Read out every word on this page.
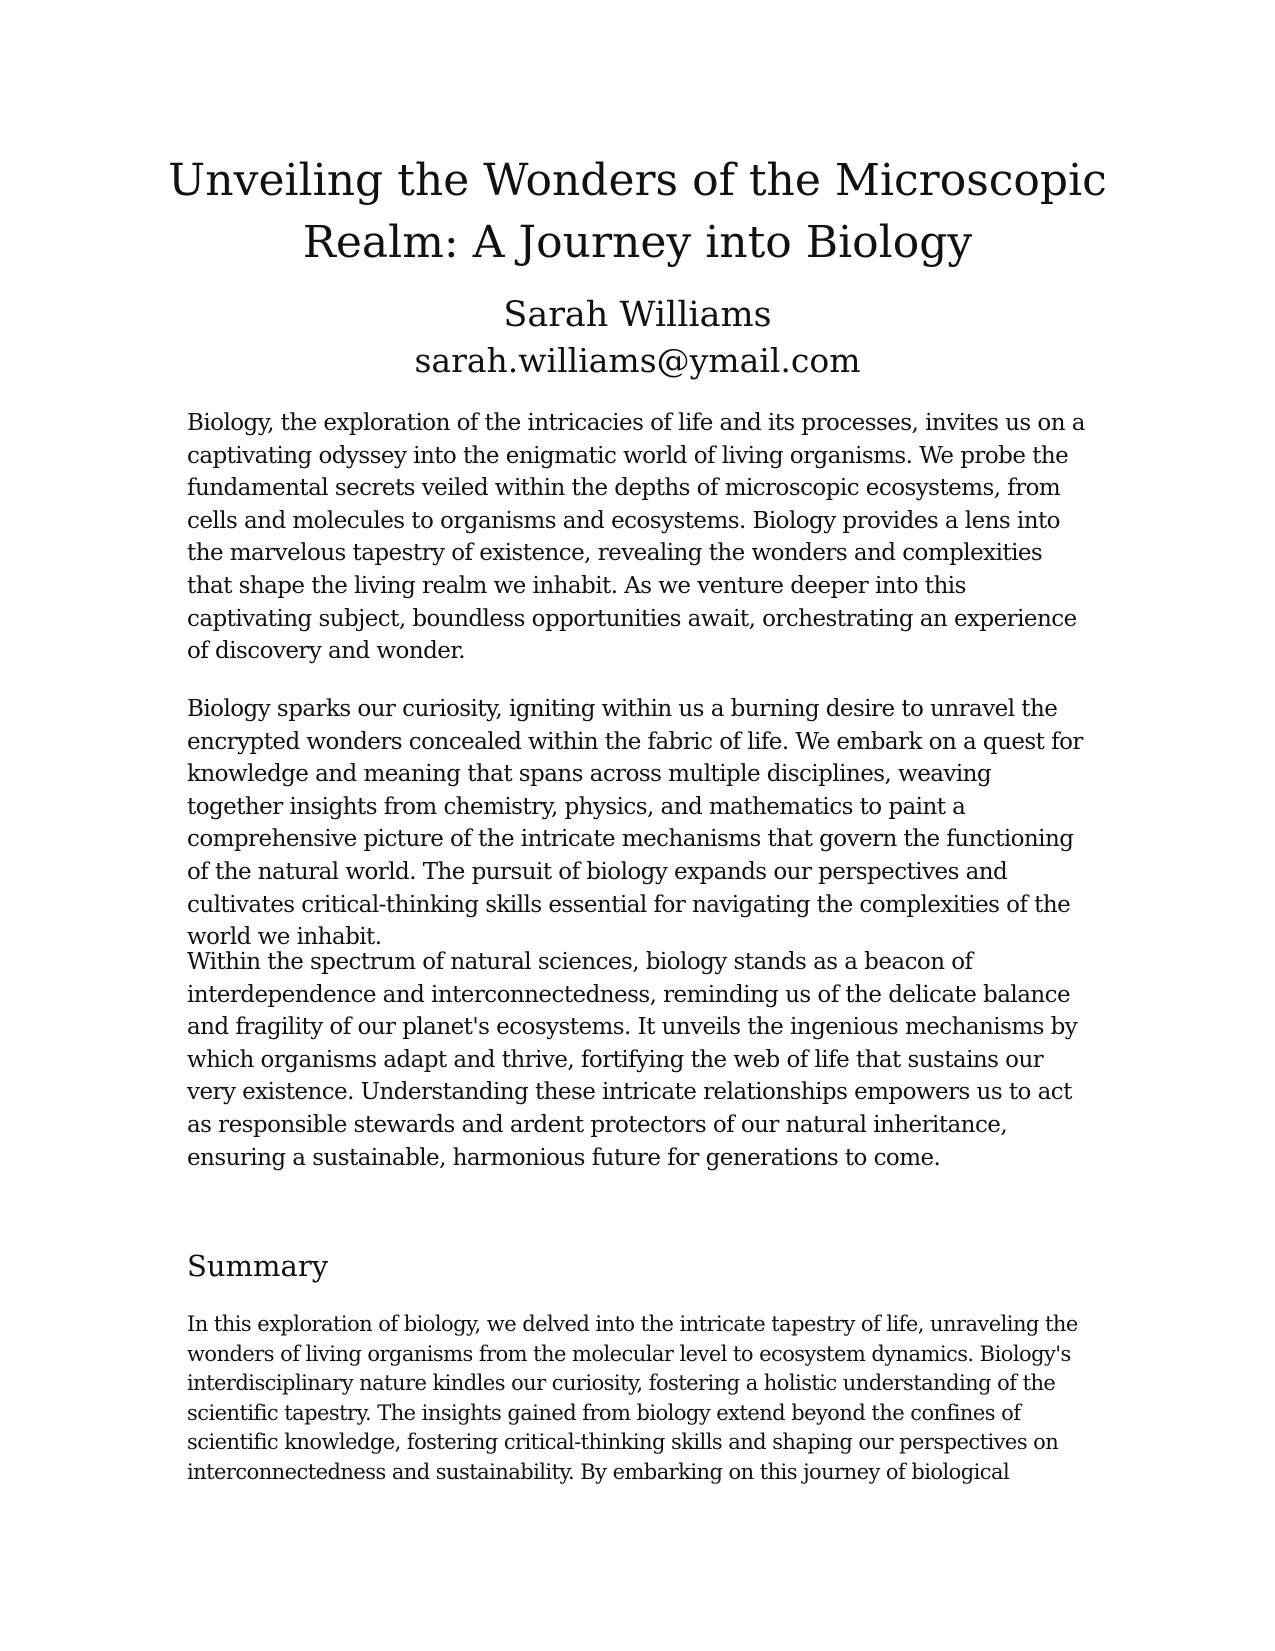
Unveiling the Wonders of the Microscopic Realm: A Journey into Biology
Sarah Williams
sarah.williams@ymail.com

Biology, the exploration of the intricacies of life and its processes, invites us on a captivating odyssey into the enigmatic world of living organisms. We probe the fundamental secrets veiled within the depths of microscopic ecosystems, from cells and molecules to organisms and ecosystems. Biology provides a lens into the marvelous tapestry of existence, revealing the wonders and complexities that shape the living realm we inhabit. As we venture deeper into this captivating subject, boundless opportunities await, orchestrating an experience of discovery and wonder.

Biology sparks our curiosity, igniting within us a burning desire to unravel the encrypted wonders concealed within the fabric of life. We embark on a quest for knowledge and meaning that spans across multiple disciplines, weaving together insights from chemistry, physics, and mathematics to paint a comprehensive picture of the intricate mechanisms that govern the functioning of the natural world. The pursuit of biology expands our perspectives and cultivates critical-thinking skills essential for navigating the complexities of the world we inhabit.

Within the spectrum of natural sciences, biology stands as a beacon of interdependence and interconnectedness, reminding us of the delicate balance and fragility of our planet's ecosystems. It unveils the ingenious mechanisms by which organisms adapt and thrive, fortifying the web of life that sustains our very existence. Understanding these intricate relationships empowers us to act as responsible stewards and ardent protectors of our natural inheritance, ensuring a sustainable, harmonious future for generations to come.

Summary

In this exploration of biology, we delved into the intricate tapestry of life, unraveling the wonders of living organisms from the molecular level to ecosystem dynamics. Biology's interdisciplinary nature kindles our curiosity, fostering a holistic understanding of the scientific tapestry. The insights gained from biology extend beyond the confines of scientific knowledge, fostering critical-thinking skills and shaping our perspectives on interconnectedness and sustainability. By embarking on this journey of biological
